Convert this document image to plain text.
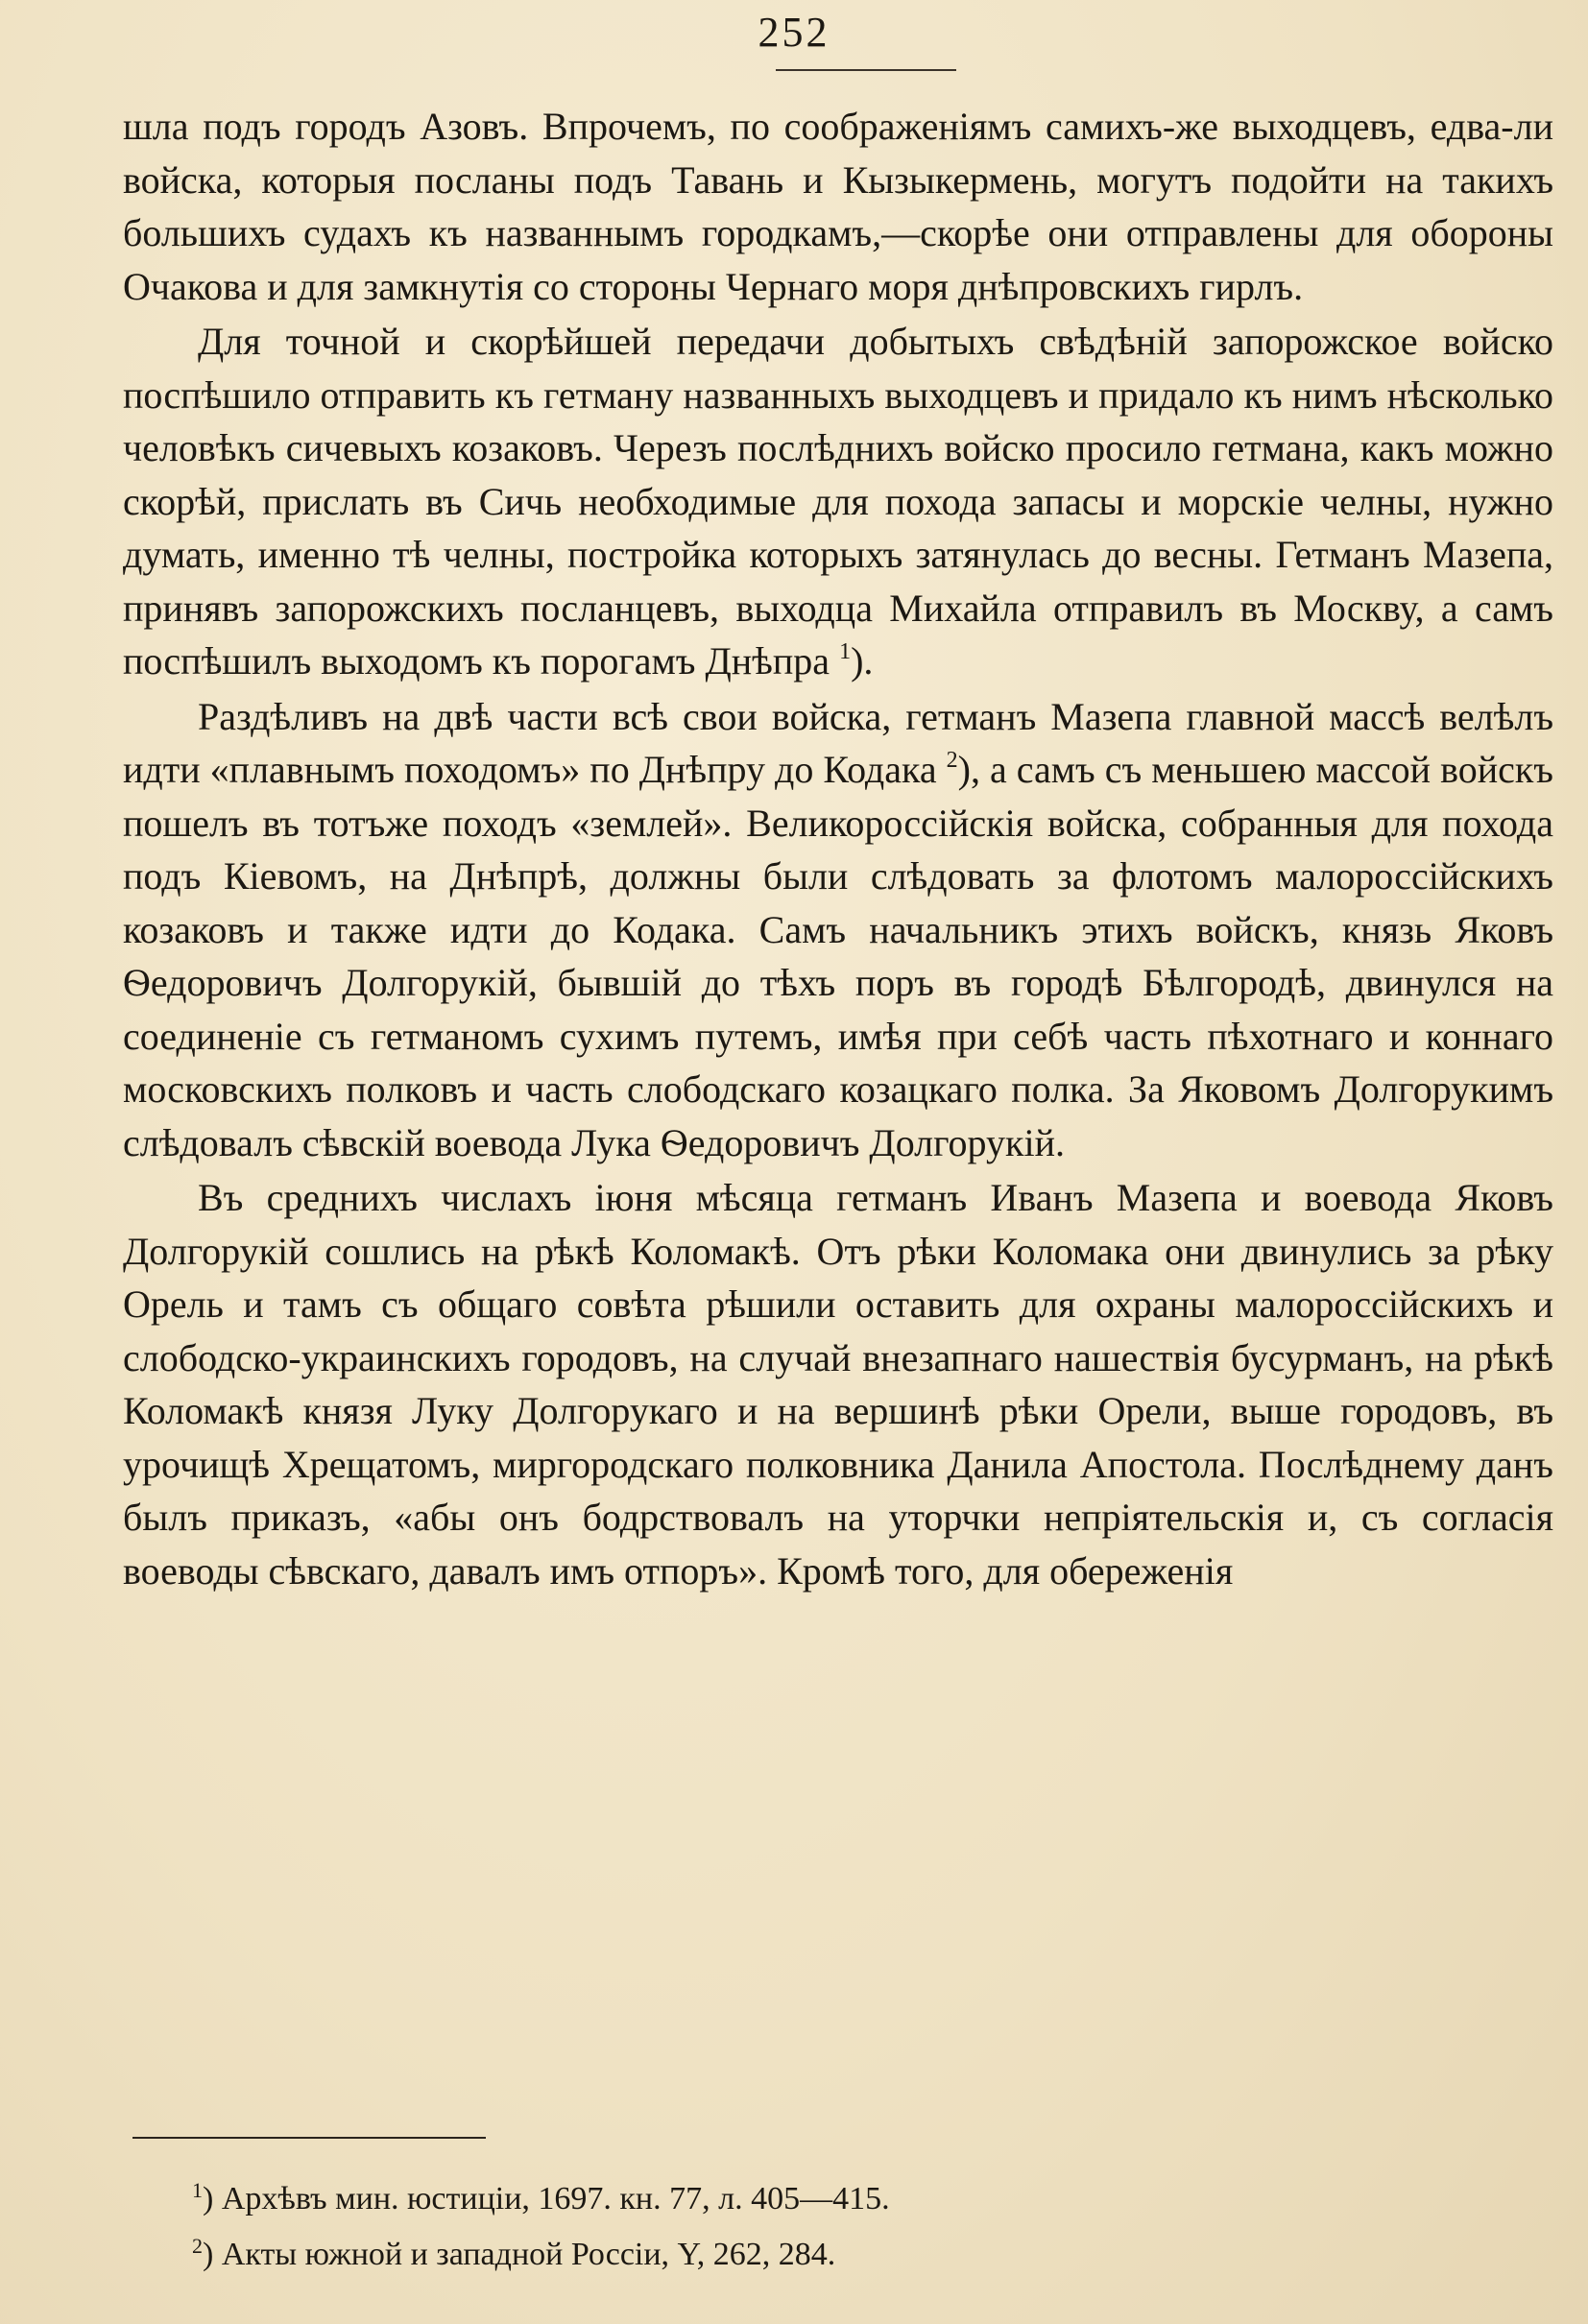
252

шла подъ городъ Азовъ. Впрочемъ, по соображеніямъ самихъ-же выходцевъ, едва-ли войска, которыя посланы подъ Тавань и Кызыкермень, могутъ подойти на такихъ большихъ судахъ къ названнымъ городкамъ,—скорѣе они отправлены для обороны Очакова и для замкнутія со стороны Чернаго моря днѣпровскихъ гирлъ.

Для точной и скорѣйшей передачи добытыхъ свѣдѣній запорожское войско поспѣшило отправить къ гетману названныхъ выходцевъ и придало къ нимъ нѣсколько человѣкъ сичевыхъ козаковъ. Черезъ послѣднихъ войско просило гетмана, какъ можно скорѣй, прислать въ Сичь необходимые для похода запасы и морскіе челны, нужно думать, именно тѣ челны, постройка которыхъ затянулась до весны. Гетманъ Мазепа, принявъ запорожскихъ посланцевъ, выходца Михайла отправилъ въ Москву, а самъ поспѣшилъ выходомъ къ порогамъ Днѣпра $^1$).

Раздѣливъ на двѣ части всѣ свои войска, гетманъ Мазепа главной массѣ велѣлъ идти «плавнымъ походомъ» по Днѣпру до Кодака $^2$), а самъ съ меньшею массой войскъ пошелъ въ тотъже походъ «землей». Великороссійскія войска, собранныя для похода подъ Кіевомъ, на Днѣпрѣ, должны были слѣдовать за флотомъ малороссійскихъ козаковъ и также идти до Кодака. Самъ начальникъ этихъ войскъ, князь Яковъ Ѳедоровичъ Долгорукій, бывшій до тѣхъ поръ въ городѣ Бѣлгородѣ, двинулся на соединеніе съ гетманомъ сухимъ путемъ, имѣя при себѣ часть пѣхотнаго и коннаго московскихъ полковъ и часть слободскаго козацкаго полка. За Яковомъ Долгорукимъ слѣдовалъ сѣвскій воевода Лука Ѳедоровичъ Долгорукій.

Въ среднихъ числахъ іюня мѣсяца гетманъ Иванъ Мазепа и воевода Яковъ Долгорукій сошлись на рѣкѣ Коломакѣ. Отъ рѣки Коломака они двинулись за рѣку Орель и тамъ съ общаго совѣта рѣшили оставить для охраны малороссійскихъ и слободско-украинскихъ городовъ, на случай внезапнаго нашествія бусурманъ, на рѣкѣ Коломакѣ князя Луку Долгорукаго и на вершинѣ рѣки Орели, выше городовъ, въ урочищѣ Хрещатомъ, миргородскаго полковника Данила Апостола. Послѣднему данъ былъ приказъ, «абы онъ бодрствовалъ на уторчки непріятельскія и, съ согласія воеводы сѣвскаго, давалъ имъ отпоръ». Кромѣ того, для обереженія

$^1$) Архѣвъ мин. юстиціи, 1697. кн. 77, л. 405—415.

$^2$) Акты южной и западной Россіи, Y, 262, 284.
